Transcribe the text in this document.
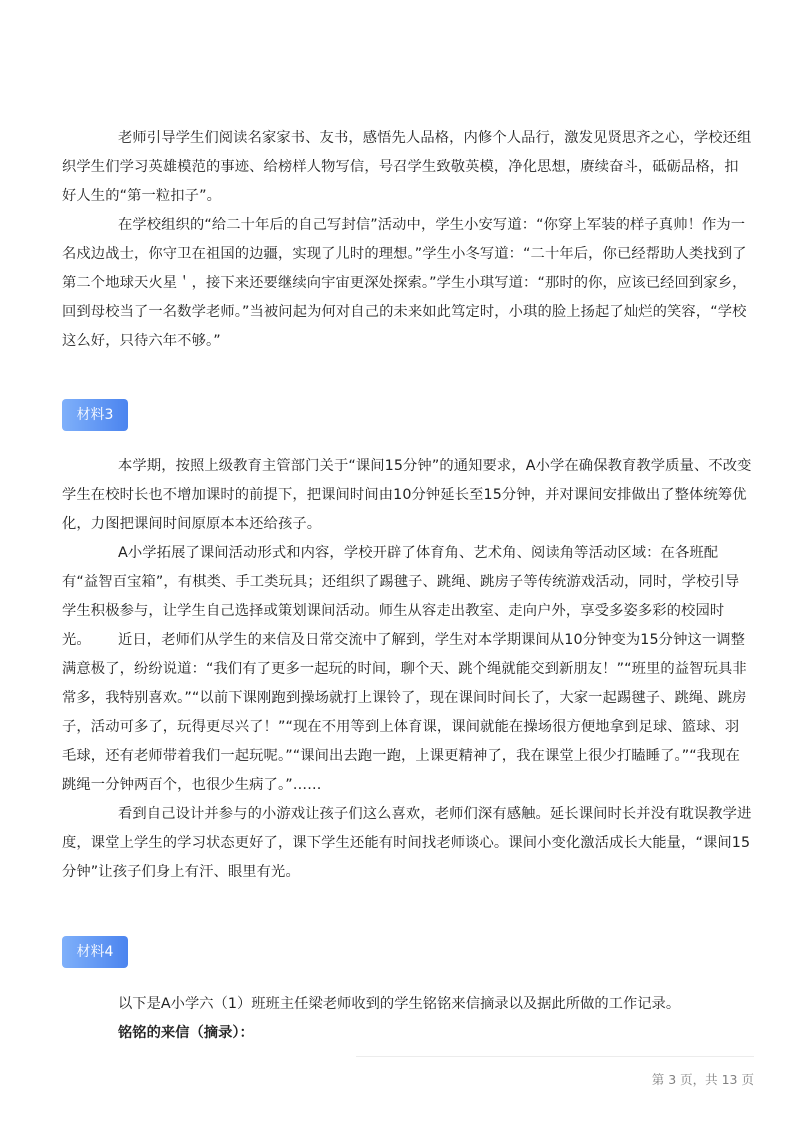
老师引导学生们阅读名家家书、友书，感悟先人品格，内修个人品行，激发见贤思齐之心，学校还组织学生们学习英雄模范的事迹、给榜样人物写信，号召学生致敬英模，净化思想，赓续奋斗，砥砺品格，扣好人生的“第一粒扣子”。

在学校组织的“给二十年后的自己写封信”活动中，学生小安写道：“你穿上军装的样子真帅！作为一名戍边战士，你守卫在祖国的边疆，实现了儿时的理想。”学生小冬写道：“二十年后，你已经帮助人类找到了第二个地球天火星＇，接下来还要继续向宇宙更深处探索。”学生小琪写道：“那时的你，应该已经回到家乡，回到母校当了一名数学老师。”当被问起为何对自己的未来如此笃定时，小琪的脸上扬起了灿烂的笑容，“学校这么好，只待六年不够。”

材料3

本学期，按照上级教育主管部门关于“课间15分钟”的通知要求，A小学在确保教育教学质量、不改变学生在校时长也不增加课时的前提下，把课间时间由10分钟延长至15分钟，并对课间安排做出了整体统筹优化，力图把课间时间原原本本还给孩子。

A小学拓展了课间活动形式和内容，学校开辟了体育角、艺术角、阅读角等活动区域：在各班配有“益智百宝箱”，有棋类、手工类玩具；还组织了踢毽子、跳绳、跳房子等传统游戏活动，同时，学校引导学生积极参与，让学生自己选择或策划课间活动。师生从容走出教室、走向户外，享受多姿多彩的校园时光。	近日，老师们从学生的来信及日常交流中了解到，学生对本学期课间从10分钟变为15分钟这一调整满意极了，纷纷说道：“我们有了更多一起玩的时间，聊个天、跳个绳就能交到新朋友！”“班里的益智玩具非常多，我特别喜欢。”“以前下课刚跑到操场就打上课铃了，现在课间时间长了，大家一起踢毽子、跳绳、跳房子，活动可多了，玩得更尽兴了！”“现在不用等到上体育课，课间就能在操场很方便地拿到足球、篮球、羽毛球，还有老师带着我们一起玩呢。”“课间出去跑一跑，上课更精神了，我在课堂上很少打瞌睡了。”“我现在跳绳一分钟两百个，也很少生病了。”……

看到自己设计并参与的小游戏让孩子们这么喜欢，老师们深有感触。延长课间时长并没有耽误教学进度，课堂上学生的学习状态更好了，课下学生还能有时间找老师谈心。课间小变化激活成长大能量，“课间15分钟”让孩子们身上有汗、眼里有光。

材料4

以下是A小学六（1）班班主任梁老师收到的学生铭铭来信摘录以及据此所做的工作记录。

铭铭的来信（摘录）：

第 3 页，共 13 页
